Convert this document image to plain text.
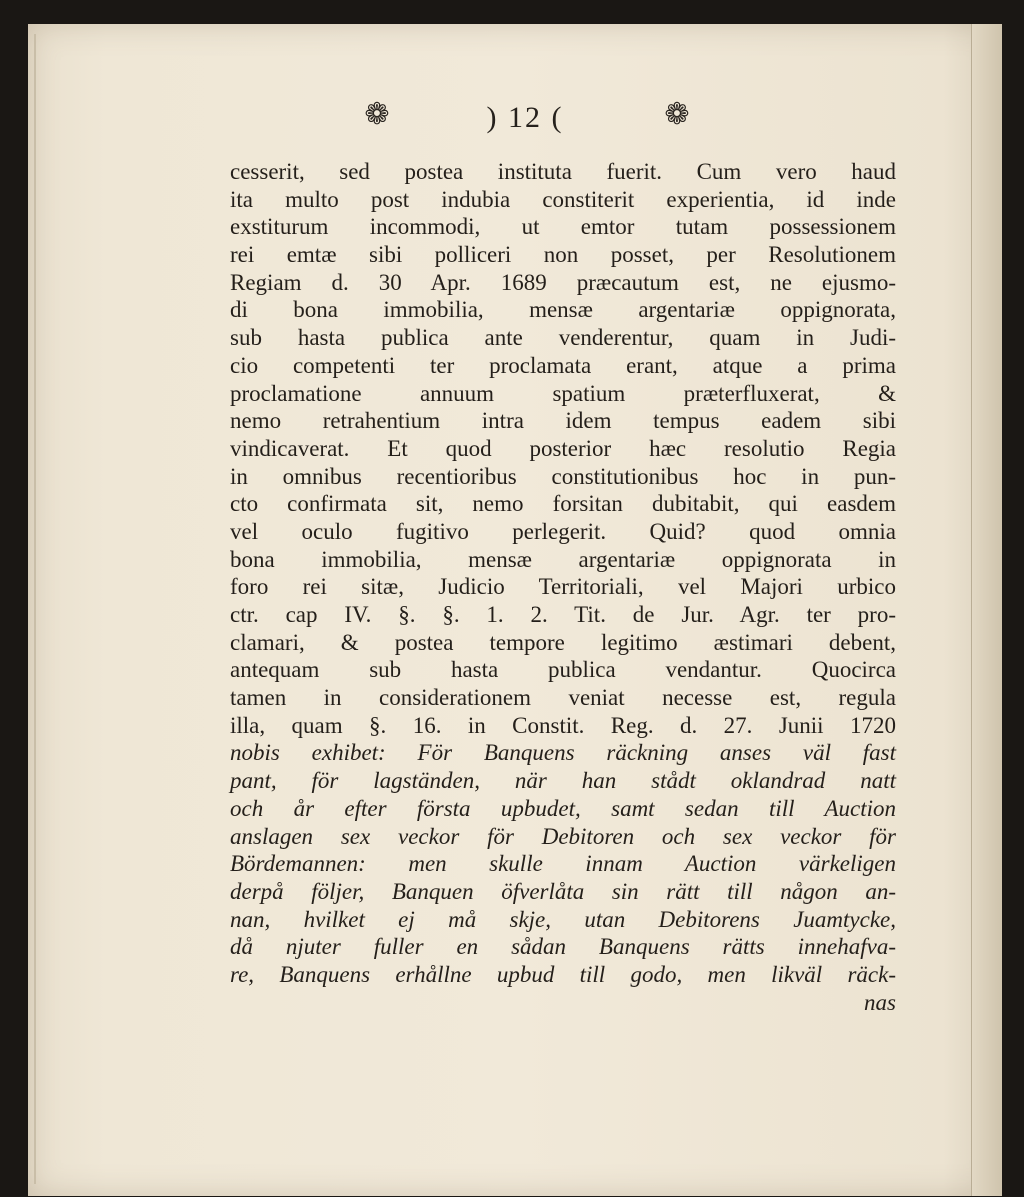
❁	) 12 (	❁
cesserit, sed postea instituta fuerit. Cum vero haud
ita multo post indubia constiterit experientia, id inde
exstiturum incommodi, ut emtor tutam possessionem
rei emtæ sibi polliceri non posset, per Resolutionem
Regiam d. 30 Apr. 1689 præcautum est, ne ejusmo-
di bona immobilia, mensæ argentariæ oppignorata,
sub hasta publica ante venderentur, quam in Judi-
cio competenti ter proclamata erant, atque a prima
proclamatione annuum spatium præterfluxerat, &
nemo retrahentium intra idem tempus eadem sibi
vindicaverat. Et quod posterior hæc resolutio Regia
in omnibus recentioribus constitutionibus hoc in pun-
cto confirmata sit, nemo forsitan dubitabit, qui easdem
vel oculo fugitivo perlegerit. Quid? quod omnia
bona immobilia, mensæ argentariæ oppignorata in
foro rei sitæ, Judicio Territoriali, vel Majori urbico
ctr. cap IV. §. §. 1. 2. Tit. de Jur. Agr. ter pro-
clamari, & postea tempore legitimo æstimari debent,
antequam sub hasta publica vendantur. Quocirca
tamen in considerationem veniat necesse est, regula
illa, quam §. 16. in Constit. Reg. d. 27. Junii 1720
nobis exhibet: För Banquens räckning anses väl fast
pant, för lagständen, när han stådt oklandrad natt
och år efter första upbudet, samt sedan till Auction
anslagen sex veckor för Debitoren och sex veckor för
Bördemannen: men skulle innam Auction värkeligen
derpå följer, Banquen öfverlåta sin rätt till någon an-
nan, hvilket ej må skje, utan Debitorens Juamtycke,
då njuter fuller en sådan Banquens rätts innehafva-
re, Banquens erhållne upbud till godo, men likväl räck-
nas
